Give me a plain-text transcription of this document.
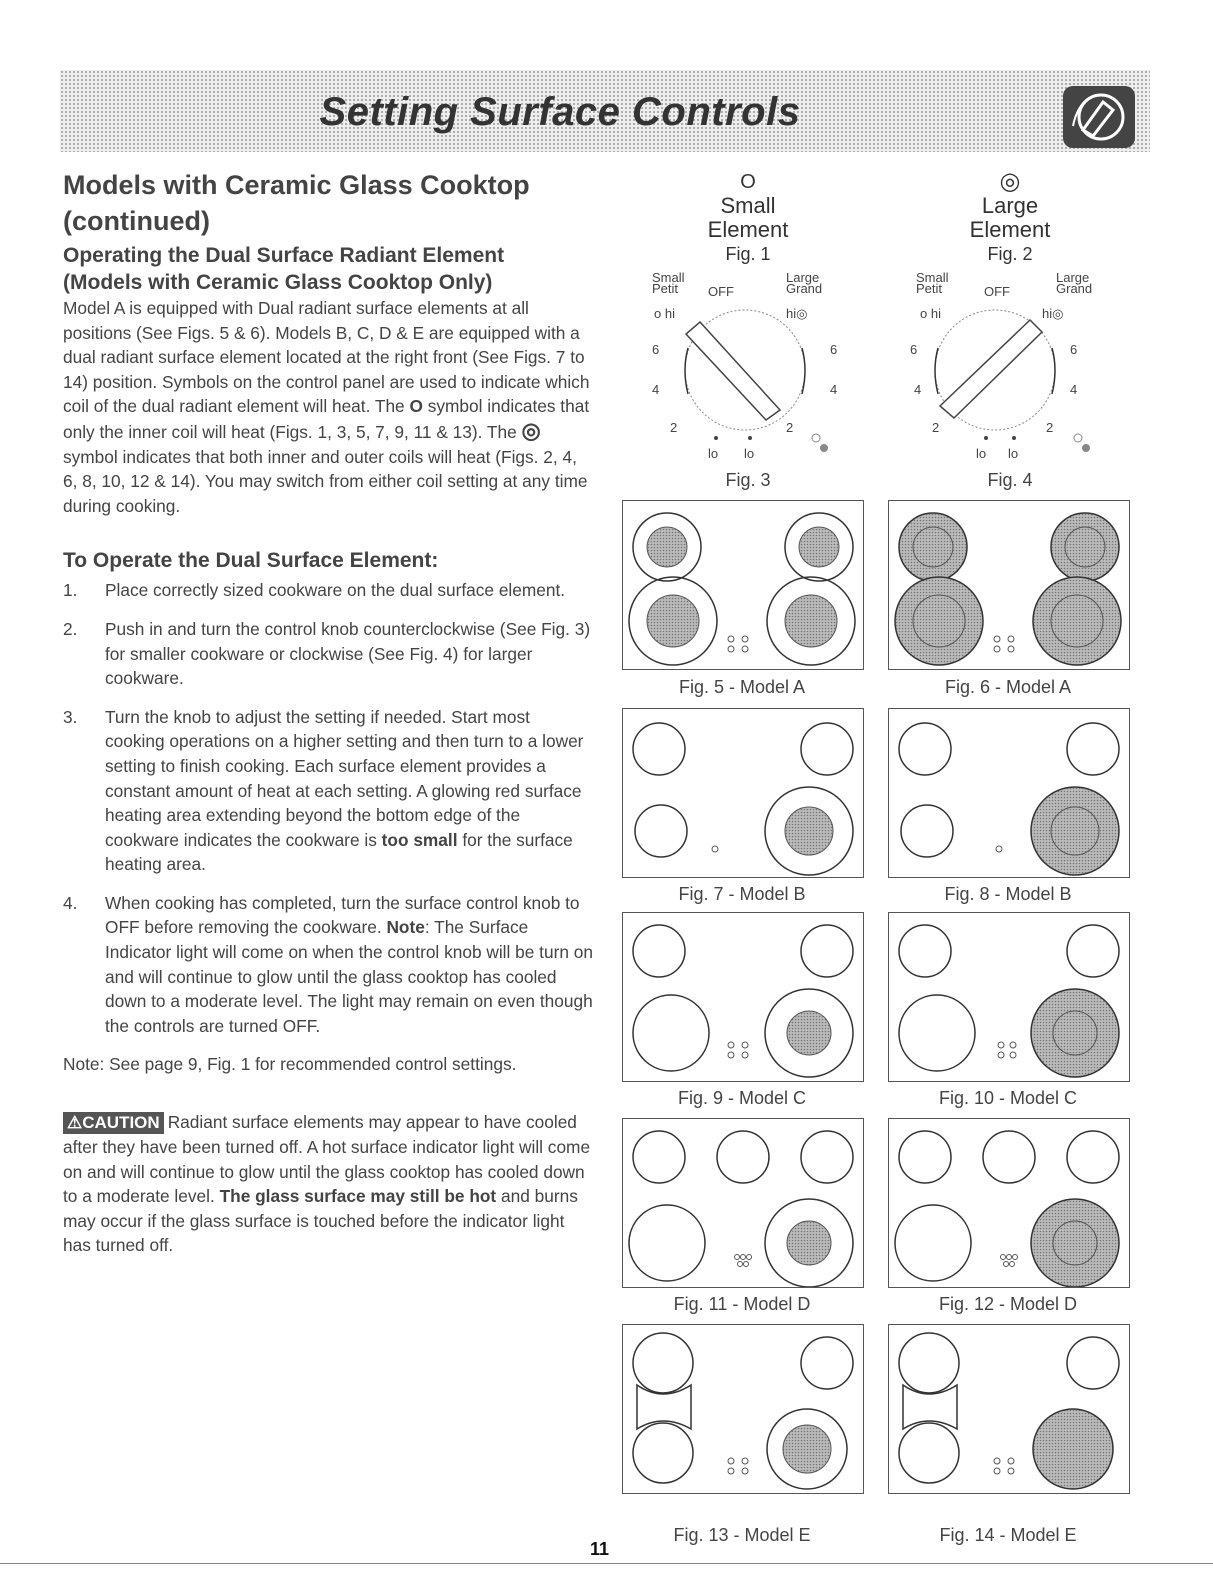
Setting Surface Controls

Models with Ceramic Glass Cooktop

(continued)

Operating the Dual Surface Radiant Element

(Models with Ceramic Glass Cooktop Only)

Model A is equipped with Dual radiant surface elements at all positions (See Figs. 5 & 6). Models B, C, D & E are equipped with a dual radiant surface element located at the right front (See Figs. 7 to 14) position. Symbols on the control panel are used to indicate which coil of the dual radiant element will heat. The O symbol indicates that only the inner coil will heat (Figs. 1, 3, 5, 7, 9, 11 & 13). The ◎ symbol indicates that both inner and outer coils will heat (Figs. 2, 4, 6, 8, 10, 12 & 14). You may switch from either coil setting at any time during cooking.

To Operate the Dual Surface Element:

1. Place correctly sized cookware on the dual surface element.
2. Push in and turn the control knob counterclockwise (See Fig. 3) for smaller cookware or clockwise (See Fig. 4) for larger cookware.
3. Turn the knob to adjust the setting if needed. Start most cooking operations on a higher setting and then turn to a lower setting to finish cooking. Each surface element provides a constant amount of heat at each setting. A glowing red surface heating area extending beyond the bottom edge of the cookware indicates the cookware is too small for the surface heating area.
4. When cooking has completed, turn the surface control knob to OFF before removing the cookware. Note: The Surface Indicator light will come on when the control knob will be turn on and will continue to glow until the glass cooktop has cooled down to a moderate level. The light may remain on even though the controls are turned OFF.

Note: See page 9, Fig. 1 for recommended control settings.

⚠CAUTION Radiant surface elements may appear to have cooled after they have been turned off. A hot surface indicator light will come on and will continue to glow until the glass cooktop has cooled down to a moderate level. The glass surface may still be hot and burns may occur if the glass surface is touched before the indicator light has turned off.

O
Small
Element
Fig. 1
◎
Large
Element
Fig. 2
Small
Petit OFF
Large
Grand
o hi	hi◎
6	6
4	4
2	2
lo lo
Small
Petit	OFF
Large
Grand
o hi	hi◎
6	6
4	4
2	2
lo lo
Fig. 3	Fig. 4
Fig. 5 - Model A	Fig. 6 - Model A
Fig. 7 - Model B	Fig. 8 - Model B
Fig. 9 - Model C	Fig. 10 - Model C
Fig. 11 - Model D	Fig. 12 - Model D
Fig. 13 - Model E	Fig. 14 - Model E
11
